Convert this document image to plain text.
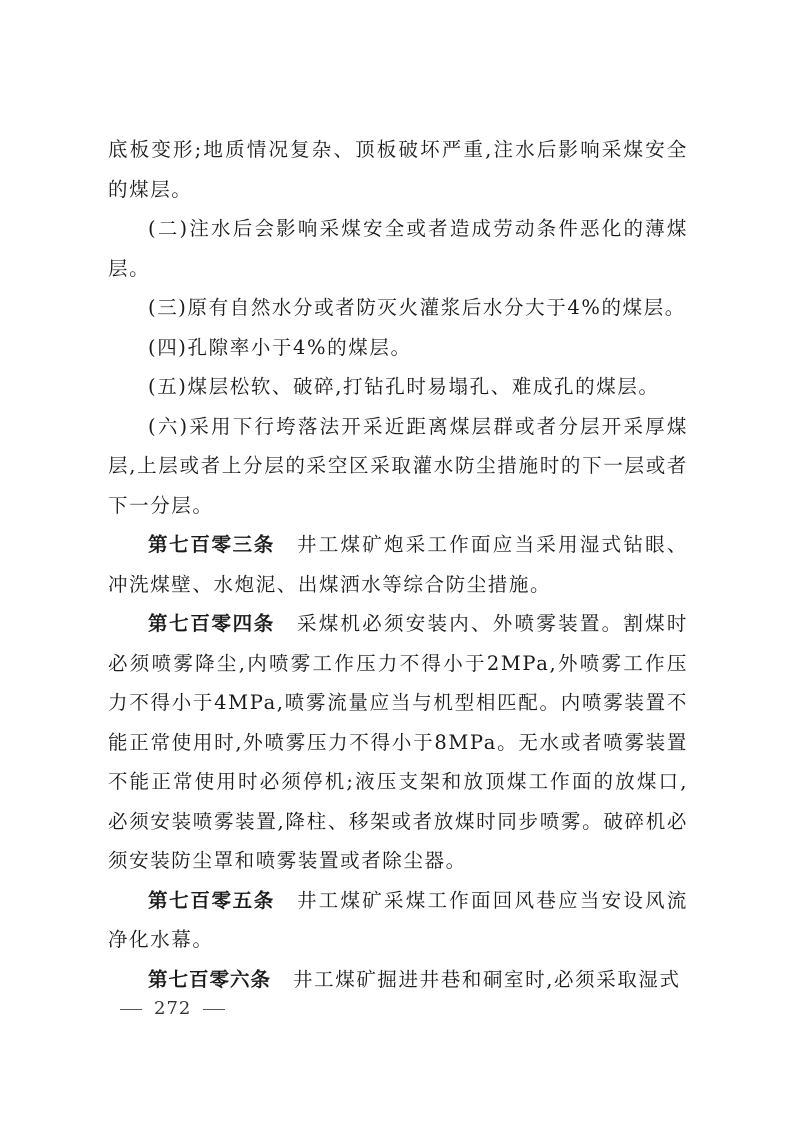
底板变形;地质情况复杂、顶板破坏严重,注水后影响采煤安全的煤层。

(二)注水后会影响采煤安全或者造成劳动条件恶化的薄煤层。

(三)原有自然水分或者防灭火灌浆后水分大于4%的煤层。

(四)孔隙率小于4%的煤层。

(五)煤层松软、破碎,打钻孔时易塌孔、难成孔的煤层。

(六)采用下行垮落法开采近距离煤层群或者分层开采厚煤层,上层或者上分层的采空区采取灌水防尘措施时的下一层或者下一分层。

第七百零三条 井工煤矿炮采工作面应当采用湿式钻眼、冲洗煤壁、水炮泥、出煤洒水等综合防尘措施。

第七百零四条 采煤机必须安装内、外喷雾装置。割煤时必须喷雾降尘,内喷雾工作压力不得小于2MPa,外喷雾工作压力不得小于4MPa,喷雾流量应当与机型相匹配。内喷雾装置不能正常使用时,外喷雾压力不得小于8MPa。无水或者喷雾装置不能正常使用时必须停机;液压支架和放顶煤工作面的放煤口,必须安装喷雾装置,降柱、移架或者放煤时同步喷雾。破碎机必须安装防尘罩和喷雾装置或者除尘器。

第七百零五条 井工煤矿采煤工作面回风巷应当安设风流净化水幕。

第七百零六条 井工煤矿掘进井巷和硐室时,必须采取湿式

272
